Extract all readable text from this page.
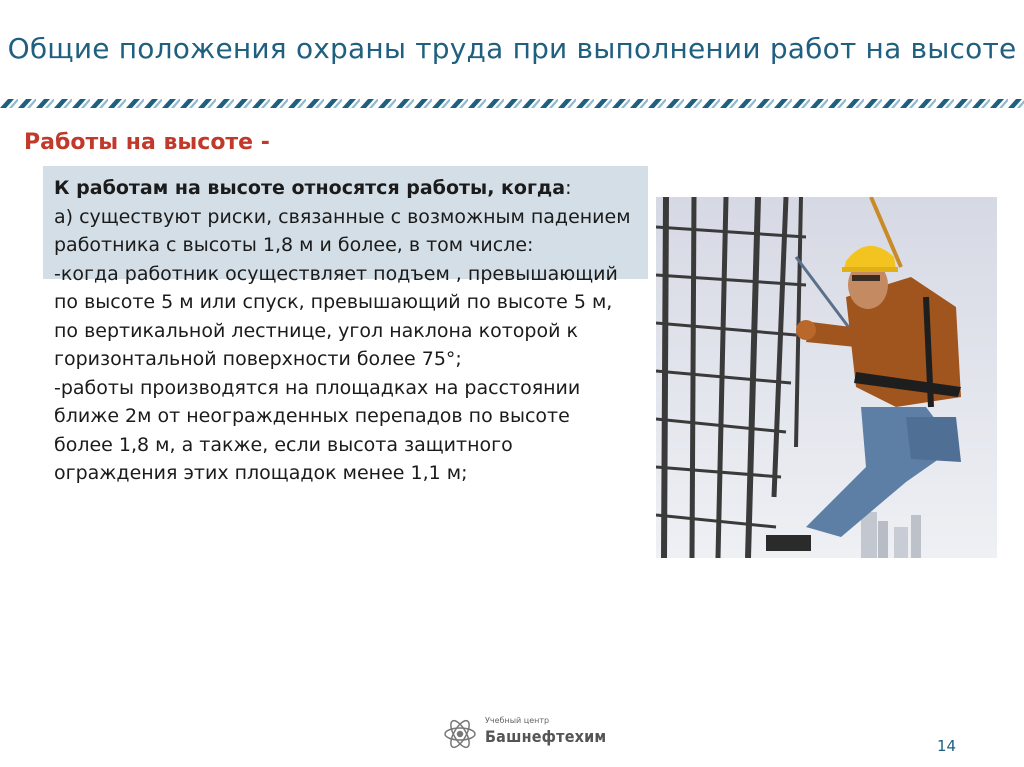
Общие положения охраны труда при выполнении работ на высоте
Работы на высоте -
К работам на высоте относятся работы, когда:
а) существуют риски, связанные с возможным падением работника с высоты 1,8 м и более, в том числе:
-когда работник осуществляет подъем , превышающий по высоте 5 м или спуск, превышающий по высоте 5 м, по вертикальной лестнице, угол наклона которой к горизонтальной поверхности более 75°;
-работы производятся на площадках на расстоянии ближе 2м от неогражденных перепадов по высоте более 1,8 м, а также, если высота защитного ограждения этих площадок менее 1,1 м;
Учебный центр
Башнефтехим	14
